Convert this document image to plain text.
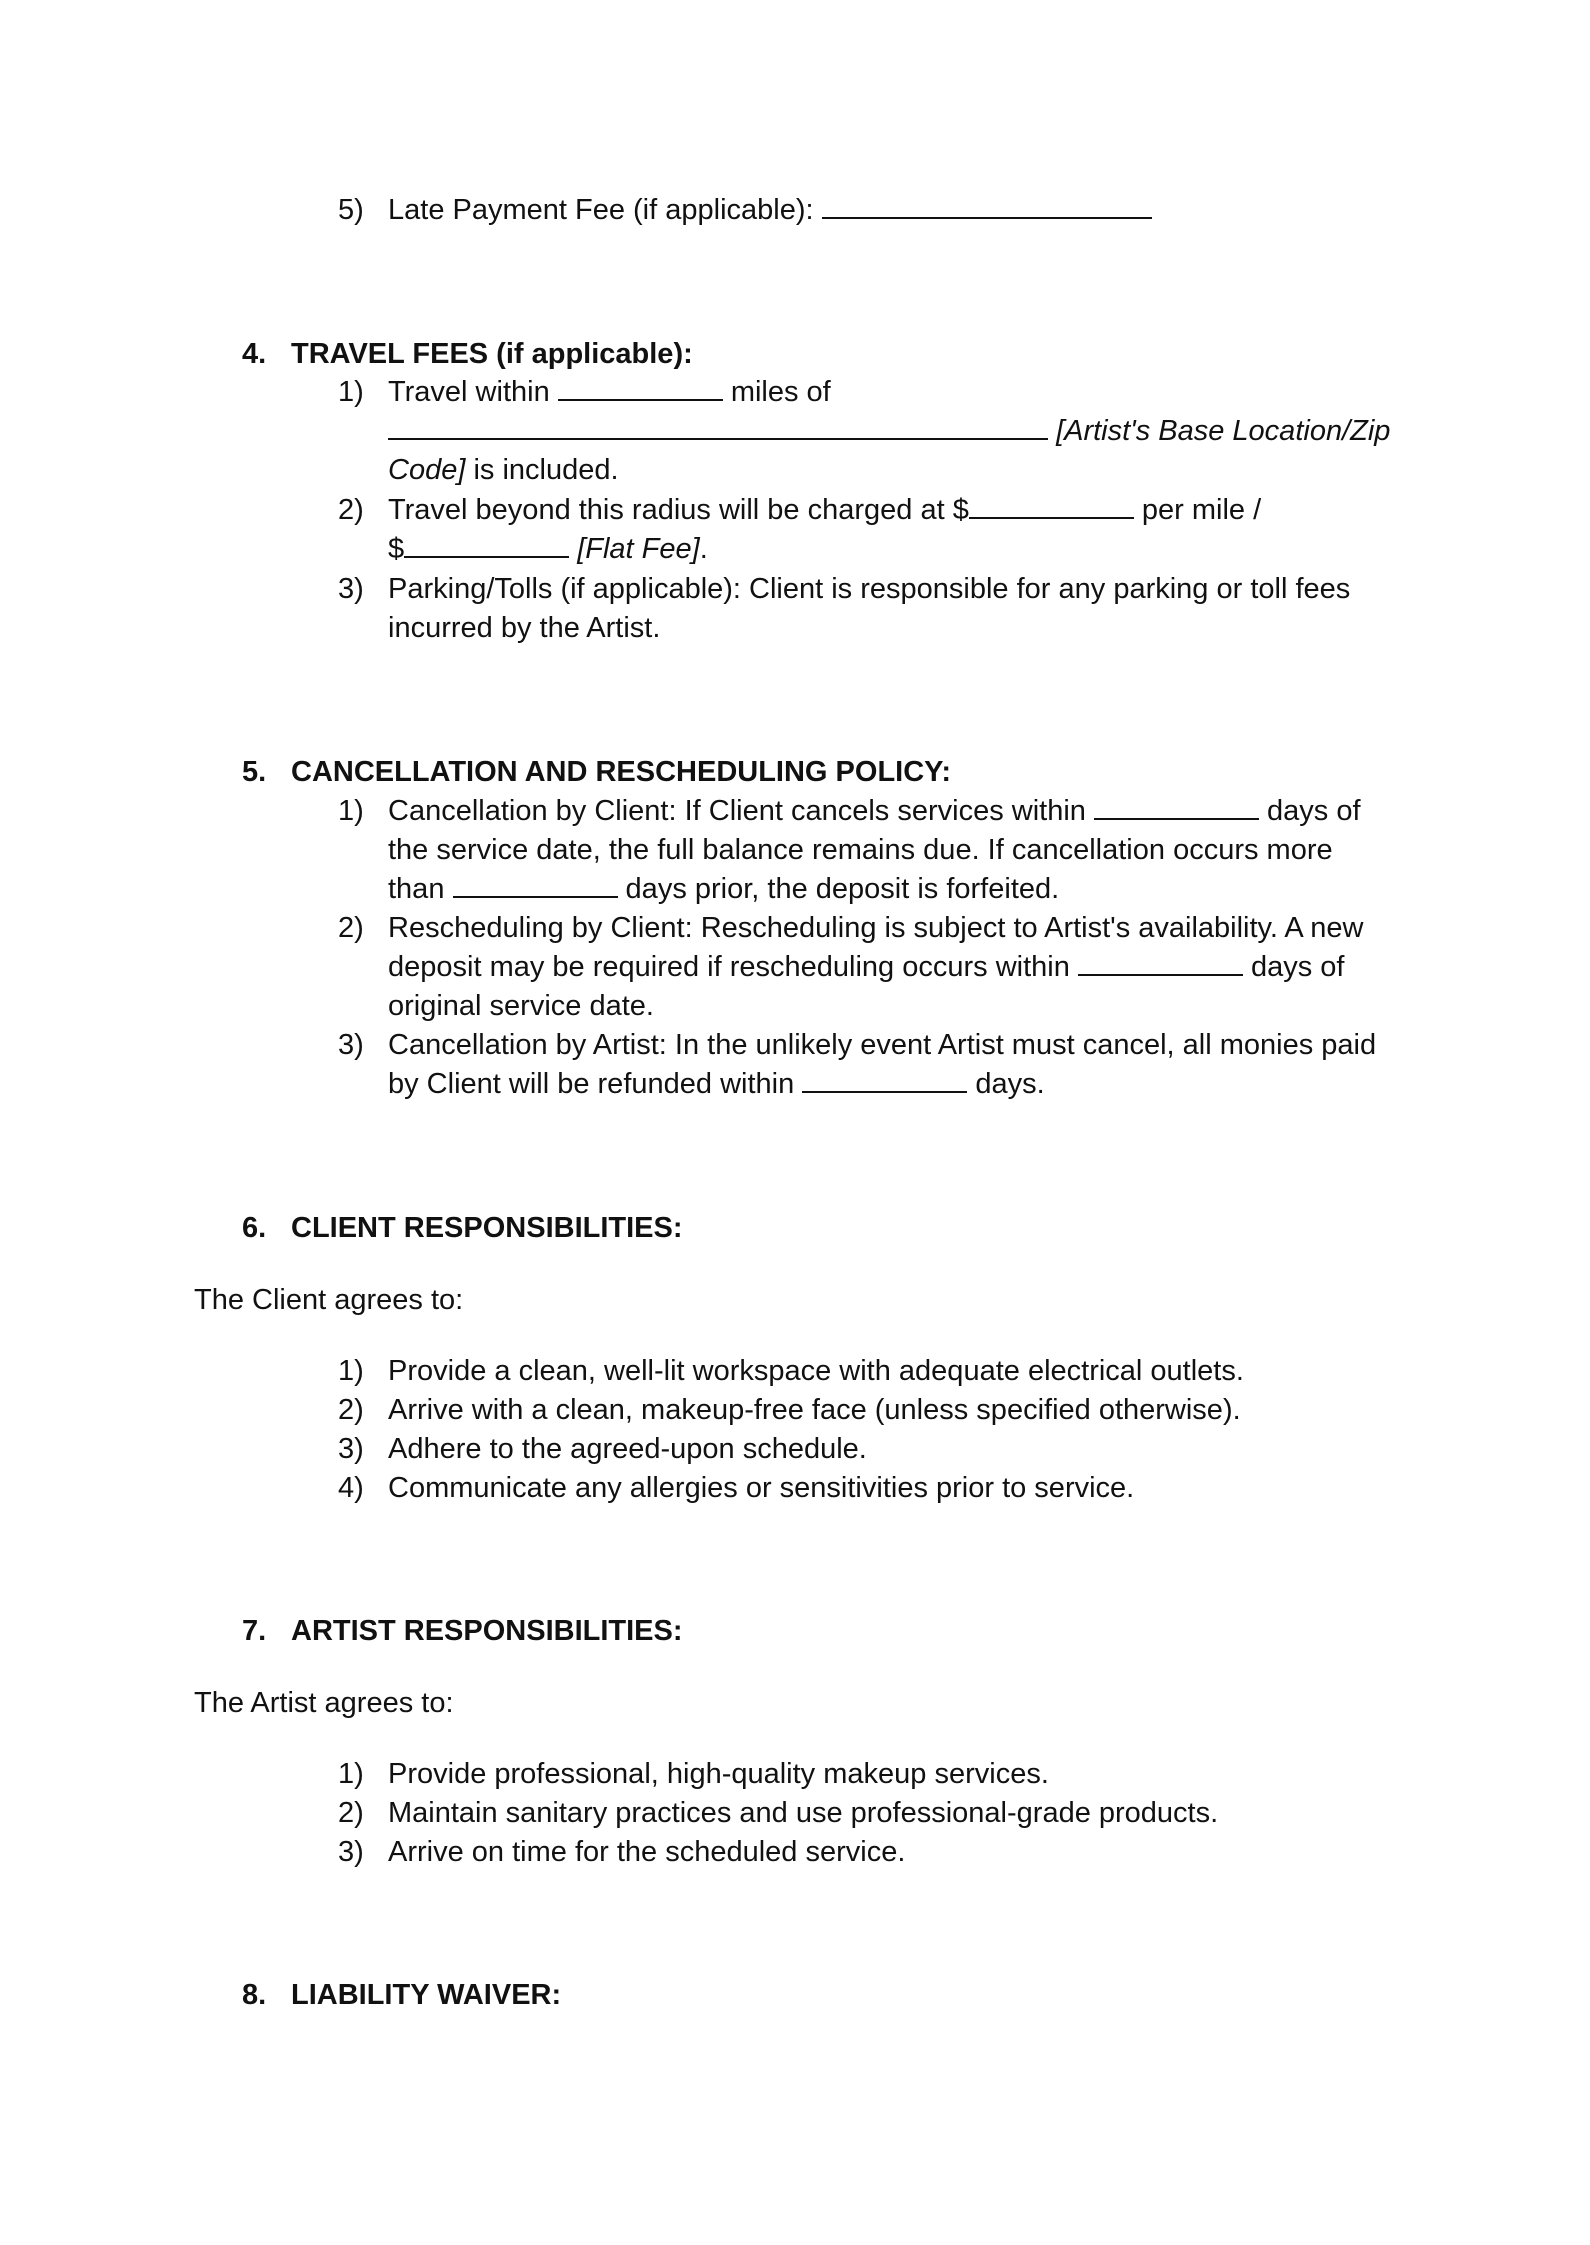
5) Late Payment Fee (if applicable):
4. TRAVEL FEES (if applicable):
1) Travel within	miles of
[Artist's Base Location/Zip
Code] is included.
2) Travel beyond this radius will be charged at $	per mile /
$	[Flat Fee].
3) Parking/Tolls (if applicable): Client is responsible for any parking or toll fees
incurred by the Artist.
5. CANCELLATION AND RESCHEDULING POLICY:
1) Cancellation by Client: If Client cancels services within	days of
the service date, the full balance remains due. If cancellation occurs more
than	days prior, the deposit is forfeited.
2) Rescheduling by Client: Rescheduling is subject to Artist's availability. A new
deposit may be required if rescheduling occurs within	days of
original service date.
3) Cancellation by Artist: In the unlikely event Artist must cancel, all monies paid
by Client will be refunded within	days.
6. CLIENT RESPONSIBILITIES:
The Client agrees to:
1) Provide a clean, well-lit workspace with adequate electrical outlets.
2) Arrive with a clean, makeup-free face (unless specified otherwise).
3) Adhere to the agreed-upon schedule.
4) Communicate any allergies or sensitivities prior to service.
7. ARTIST RESPONSIBILITIES:
The Artist agrees to:
1) Provide professional, high-quality makeup services.
2) Maintain sanitary practices and use professional-grade products.
3) Arrive on time for the scheduled service.
8. LIABILITY WAIVER:
